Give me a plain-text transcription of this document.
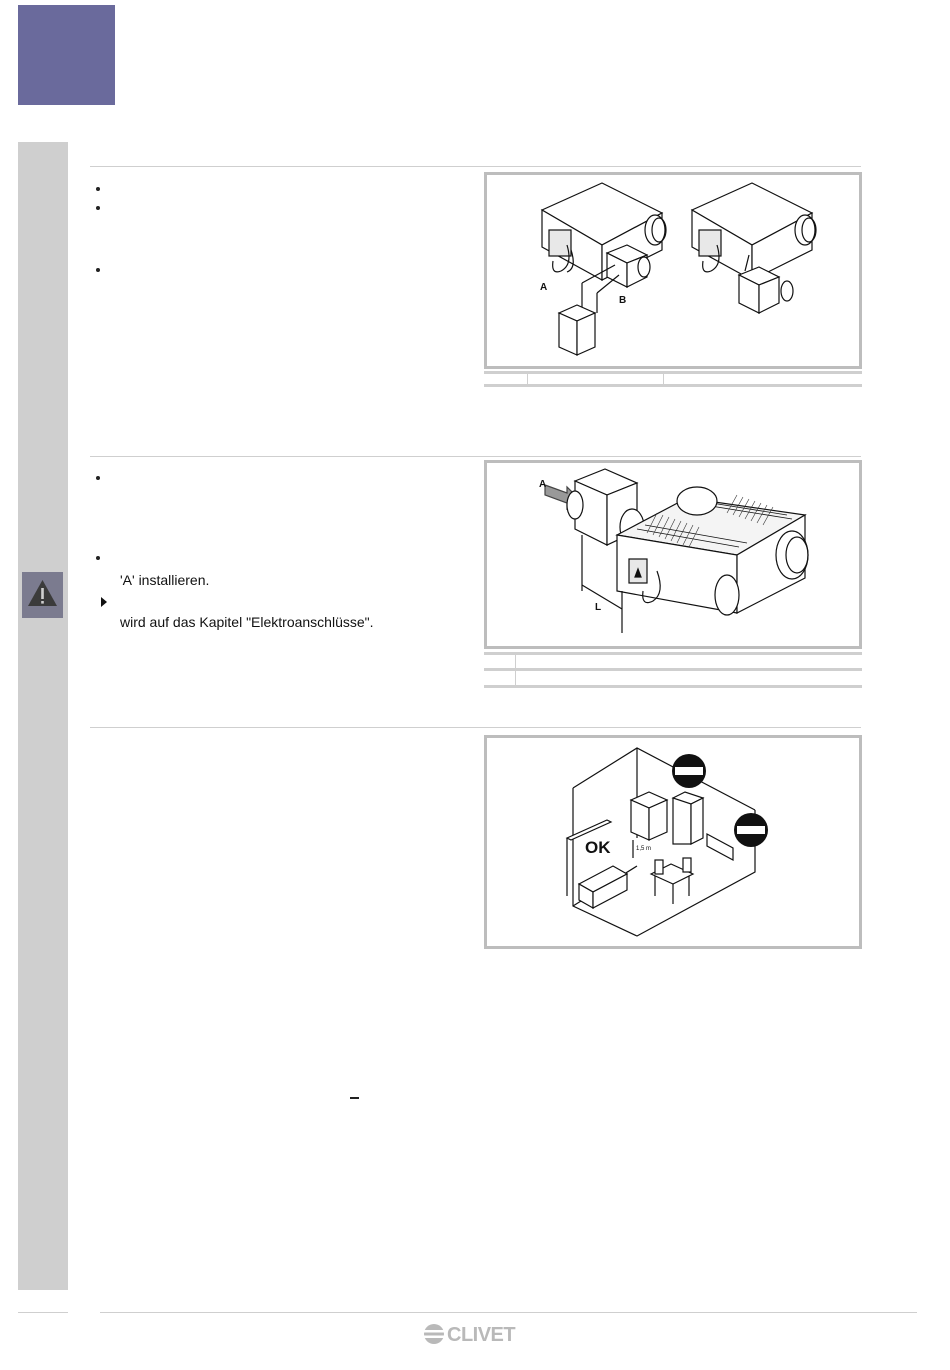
'A' installieren.
wird auf das Kapitel "Elektroanschlüsse".
A
B
A
L
OK	1,5 m
CLIVET
